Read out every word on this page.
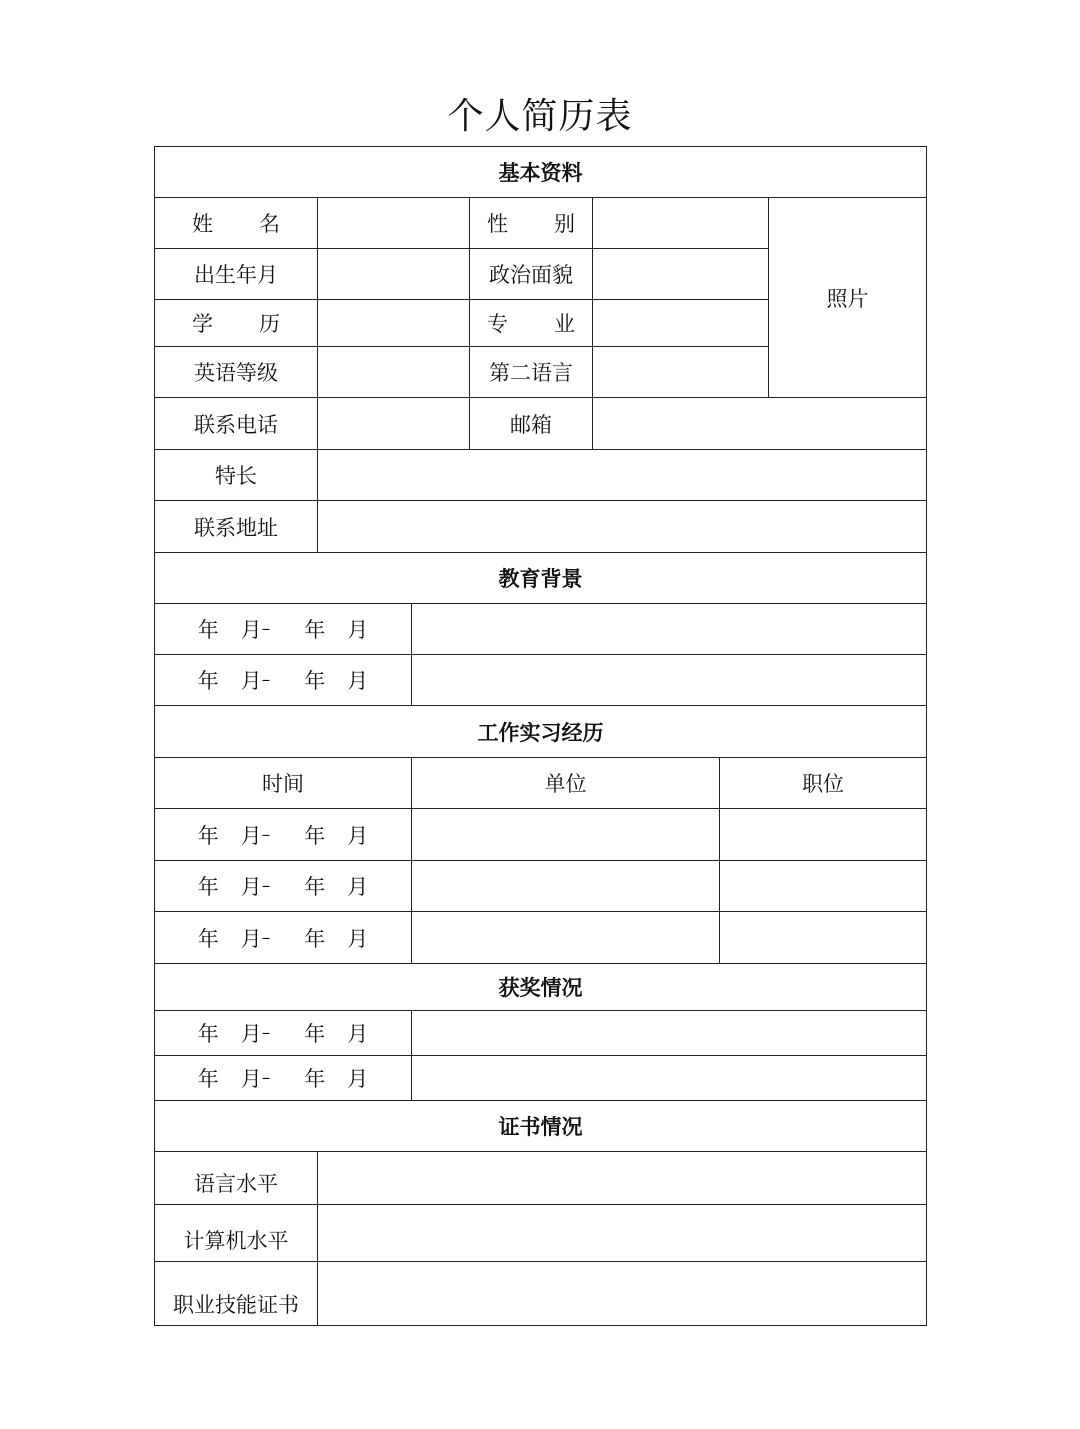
个人简历表
基本资料
姓 名	性 别
照片
出生年月	政治面貌
学 历	专 业
英语等级	第二语言
联系电话	邮箱
特长
联系地址
教育背景
年 月 – 年 月
年 月 – 年 月
工作实习经历
时间	单位	职位
年 月 – 年 月
年 月 – 年 月
年 月 – 年 月
获奖情况
年 月 – 年 月
年 月 – 年 月
证书情况
语言水平
计算机水平
职业技能证书
